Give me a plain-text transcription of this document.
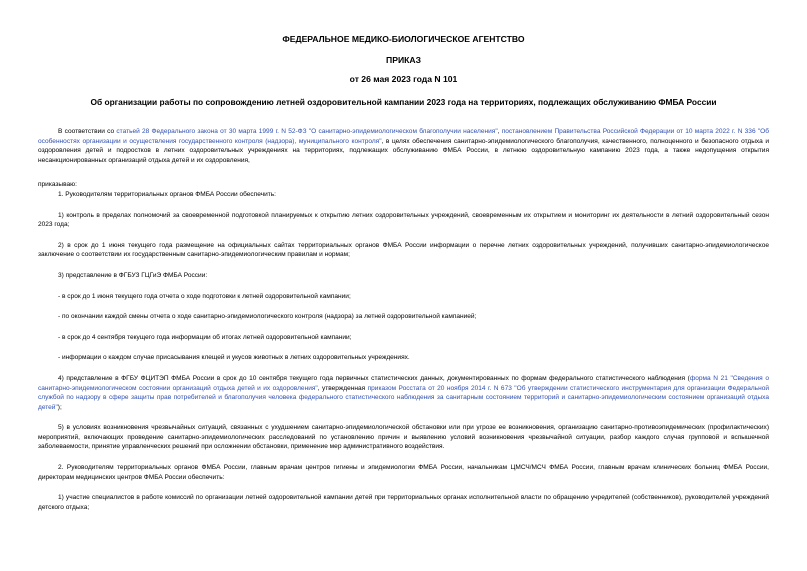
ФЕДЕРАЛЬНОЕ МЕДИКО-БИОЛОГИЧЕСКОЕ АГЕНТСТВО
ПРИКАЗ
от 26 мая 2023 года N 101
Об организации работы по сопровождению летней оздоровительной кампании 2023 года на территориях, подлежащих обслуживанию ФМБА России

В соответствии со статьей 28 Федерального закона от 30 марта 1999 г. N 52-ФЗ "О санитарно-эпидемиологическом благополучии населения", постановлением Правительства Российской Федерации от 10 марта 2022 г. N 336 "Об особенностях организации и осуществления государственного контроля (надзора), муниципального контроля", в целях обеспечения санитарно-эпидемиологического благополучия, качественного, полноценного и безопасного отдыха и оздоровления детей и подростков в летних оздоровительных учреждениях на территориях, подлежащих обслуживанию ФМБА России, в летнюю оздоровительную кампанию 2023 года, а также недопущения открытия несанкционированных организаций отдыха детей и их оздоровления,

приказываю:

1. Руководителям территориальных органов ФМБА России обеспечить:

1) контроль в пределах полномочий за своевременной подготовкой планируемых к открытию летних оздоровительных учреждений, своевременным их открытием и мониторинг их деятельности в летний оздоровительный сезон 2023 года;

2) в срок до 1 июня текущего года размещение на официальных сайтах территориальных органов ФМБА России информации о перечне летних оздоровительных учреждений, получивших санитарно-эпидемиологическое заключение о соответствии их государственным санитарно-эпидемиологическим правилам и нормам;

3) представление в ФГБУЗ ГЦГиЭ ФМБА России:

- в срок до 1 июня текущего года отчета о ходе подготовки к летней оздоровительной кампании;

- по окончании каждой смены отчета о ходе санитарно-эпидемиологического контроля (надзора) за летней оздоровительной кампанией;

- в срок до 4 сентября текущего года информации об итогах летней оздоровительной кампании;

- информации о каждом случае присасывания клещей и укусов животных в летних оздоровительных учреждениях.

4) представление в ФГБУ ФЦИТЭП ФМБА России в срок до 10 сентября текущего года первичных статистических данных, документированных по формам федерального статистического наблюдения (форма N 21 "Сведения о санитарно-эпидемиологическом состоянии организаций отдыха детей и их оздоровления", утвержденная приказом Росстата от 20 ноября 2014 г. N 673 "Об утверждении статистического инструментария для организации Федеральной службой по надзору в сфере защиты прав потребителей и благополучия человека федерального статистического наблюдения за санитарным состоянием территорий и санитарно-эпидемиологическим состоянием организаций отдыха детей");

5) в условиях возникновения чрезвычайных ситуаций, связанных с ухудшением санитарно-эпидемиологической обстановки или при угрозе ее возникновения, организацию санитарно-противоэпидемических (профилактических) мероприятий, включающих проведение санитарно-эпидемиологических расследований по установлению причин и выявлению условий возникновения чрезвычайной ситуации, разбор каждого случая групповой и вспышечной заболеваемости, принятие управленческих решений при осложнении обстановки, применение мер административного воздействия.

2. Руководителям территориальных органов ФМБА России, главным врачам центров гигиены и эпидемиологии ФМБА России, начальникам ЦМСЧ/МСЧ ФМБА России, главным врачам клинических больниц ФМБА России, директорам медицинских центров ФМБА России обеспечить:

1) участие специалистов в работе комиссий по организации летней оздоровительной кампании детей при территориальных органах исполнительной власти по обращению учредителей (собственников), руководителей учреждений детского отдыха;
